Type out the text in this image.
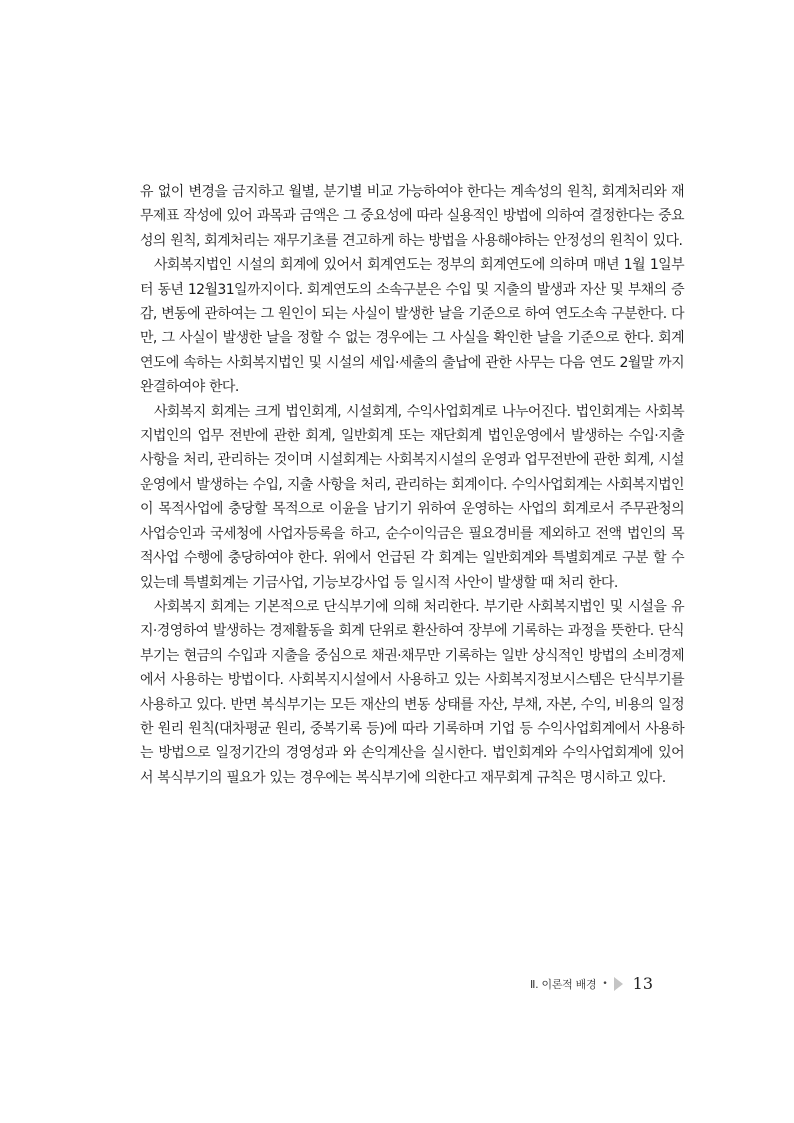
유 없이 변경을 금지하고 월별, 분기별 비교 가능하여야 한다는 계속성의 원칙, 회계처리와 재무제표 작성에 있어 과목과 금액은 그 중요성에 따라 실용적인 방법에 의하여 결정한다는 중요성의 원칙, 회계처리는 재무기초를 견고하게 하는 방법을 사용해야하는 안정성의 원칙이 있다.

사회복지법인 시설의 회계에 있어서 회계연도는 정부의 회계연도에 의하며 매년 1월 1일부터 동년 12월31일까지이다. 회계연도의 소속구분은 수입 및 지출의 발생과 자산 및 부채의 증감, 변동에 관하여는 그 원인이 되는 사실이 발생한 날을 기준으로 하여 연도소속 구분한다. 다만, 그 사실이 발생한 날을 정할 수 없는 경우에는 그 사실을 확인한 날을 기준으로 한다. 회계연도에 속하는 사회복지법인 및 시설의 세입·세출의 출납에 관한 사무는 다음 연도 2월말 까지 완결하여야 한다.

사회복지 회계는 크게 법인회계, 시설회계, 수익사업회계로 나누어진다. 법인회계는 사회복지법인의 업무 전반에 관한 회계, 일반회계 또는 재단회계 법인운영에서 발생하는 수입·지출 사항을 처리, 관리하는 것이며 시설회계는 사회복지시설의 운영과 업무전반에 관한 회계, 시설 운영에서 발생하는 수입, 지출 사항을 처리, 관리하는 회계이다. 수익사업회계는 사회복지법인이 목적사업에 충당할 목적으로 이윤을 남기기 위하여 운영하는 사업의 회계로서 주무관청의 사업승인과 국세청에 사업자등록을 하고, 순수이익금은 필요경비를 제외하고 전액 법인의 목적사업 수행에 충당하여야 한다. 위에서 언급된 각 회계는 일반회계와 특별회계로 구분 할 수 있는데 특별회계는 기금사업, 기능보강사업 등 일시적 사안이 발생할 때 처리 한다.

사회복지 회계는 기본적으로 단식부기에 의해 처리한다. 부기란 사회복지법인 및 시설을 유지·경영하여 발생하는 경제활동을 회계 단위로 환산하여 장부에 기록하는 과정을 뜻한다. 단식부기는 현금의 수입과 지출을 중심으로 채권·채무만 기록하는 일반 상식적인 방법의 소비경제에서 사용하는 방법이다. 사회복지시설에서 사용하고 있는 사회복지정보시스템은 단식부기를 사용하고 있다. 반면 복식부기는 모든 재산의 변동 상태를 자산, 부채, 자본, 수익, 비용의 일정한 원리 원칙(대차평균 원리, 중복기록 등)에 따라 기록하며 기업 등 수익사업회계에서 사용하는 방법으로 일정기간의 경영성과 와 손익계산을 실시한다. 법인회계와 수익사업회계에 있어서 복식부기의 필요가 있는 경우에는 복식부기에 의한다고 재무회계 규칙은 명시하고 있다.

Ⅱ. 이론적 배경 • 13
